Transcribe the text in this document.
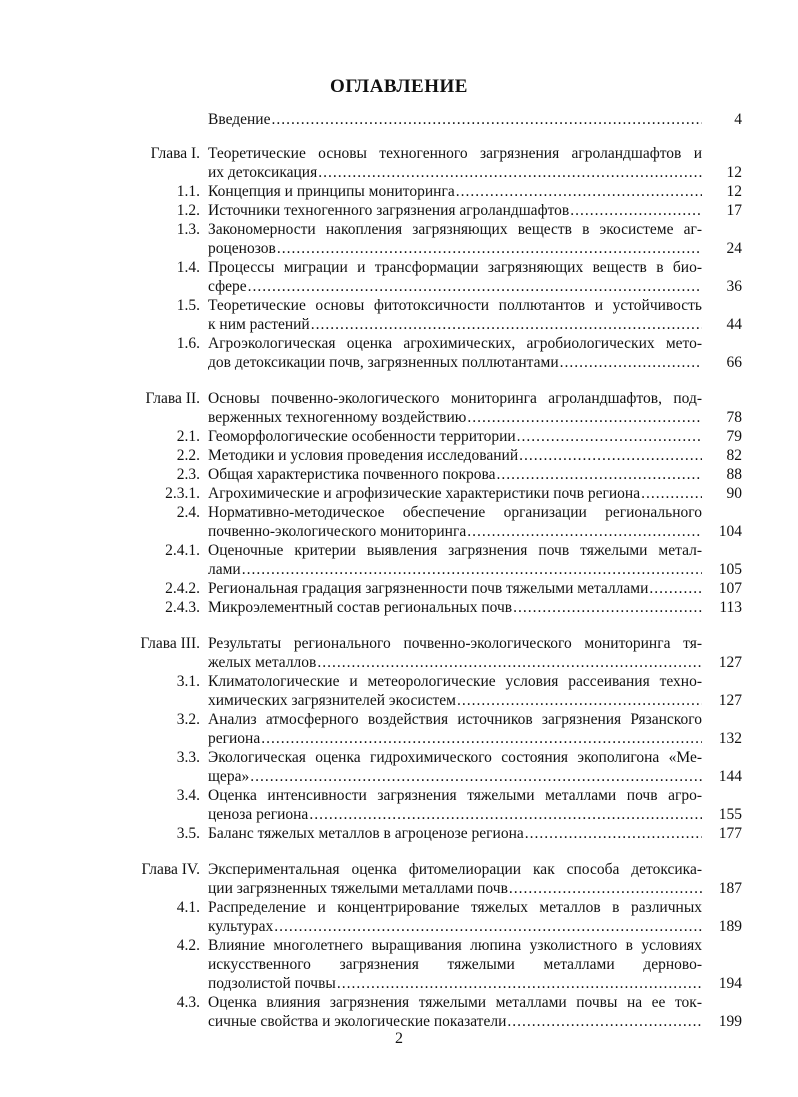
ОГЛАВЛЕНИЕ
Введение .....	4
Глава I. Теоретические основы техногенного загрязнения агроландшафтов и
их детоксикация .....	12
1.1. Концепция и принципы мониторинга .....	12
1.2. Источники техногенного загрязнения агроландшафтов .....	17
1.3. Закономерности накопления загрязняющих веществ в экосистеме аг-
роценозов .....	24
1.4. Процессы миграции и трансформации загрязняющих веществ в био-
сфере .....	36
1.5. Теоретические основы фитотоксичности поллютантов и устойчивость
к ним растений .....	44
1.6. Агроэкологическая оценка агрохимических, агробиологических мето-
дов детоксикации почв, загрязненных поллютантами .....	66
Глава II. Основы почвенно-экологического мониторинга агроландшафтов, под-
верженных техногенному воздействию .....	78
2.1. Геоморфологические особенности территории .....	79
2.2. Методики и условия проведения исследований .....	82
2.3. Общая характеристика почвенного покрова .....	88
2.3.1. Агрохимические и агрофизические характеристики почв региона .....	90
2.4. Нормативно-методическое обеспечение организации регионального
почвенно-экологического мониторинга .....	104
2.4.1. Оценочные критерии выявления загрязнения почв тяжелыми метал-
лами .....	105
2.4.2. Региональная градация загрязненности почв тяжелыми металлами .....	107
2.4.3. Микроэлементный состав региональных почв .....	113
Глава III. Результаты регионального почвенно-экологического мониторинга тя-
желых металлов .....	127
3.1. Климатологические и метеорологические условия рассеивания техно-
химических загрязнителей экосистем .....	127
3.2. Анализ атмосферного воздействия источников загрязнения Рязанского
региона .....	132
3.3. Экологическая оценка гидрохимического состояния экополигона «Ме-
щера» .....	144
3.4. Оценка интенсивности загрязнения тяжелыми металлами почв агро-
ценоза региона .....	155
3.5. Баланс тяжелых металлов в агроценозе региона .....	177
Глава IV. Экспериментальная оценка фитомелиорации как способа детоксика-
ции загрязненных тяжелыми металлами почв .....	187
4.1. Распределение и концентрирование тяжелых металлов в различных
культурах .....	189
4.2. Влияние многолетнего выращивания люпина узколистного в условиях
искусственного загрязнения тяжелыми металлами дерново-
подзолистой почвы .....	194
4.3. Оценка влияния загрязнения тяжелыми металлами почвы на ее ток-
сичные свойства и экологические показатели .....	199
2
